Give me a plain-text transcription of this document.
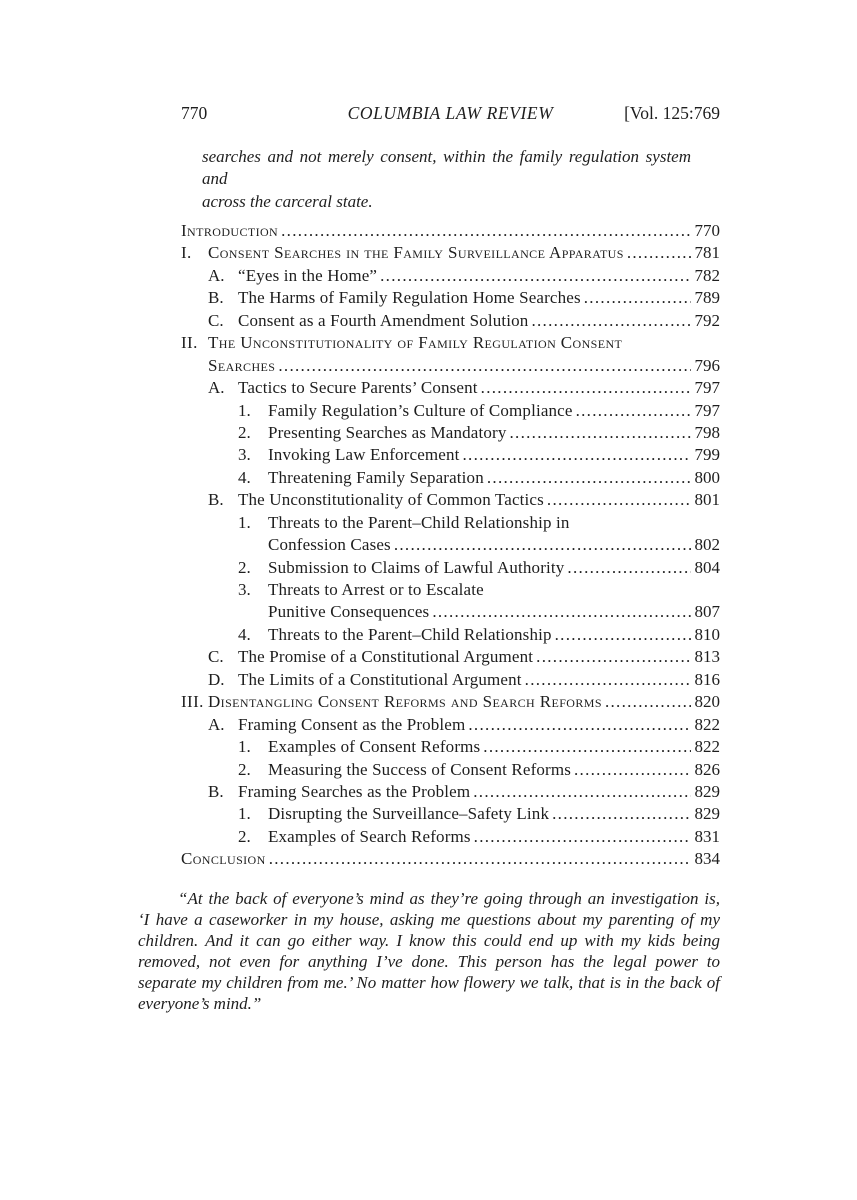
770	COLUMBIA LAW REVIEW	[Vol. 125:769
searches and not merely consent, within the family regulation system and
across the carceral state.
Introduction .....	770
I. Consent Searches in the Family Surveillance Apparatus .....	781
A. “Eyes in the Home” .....	782
B. The Harms of Family Regulation Home Searches .....	789
C. Consent as a Fourth Amendment Solution .....	792
II. The Unconstitutionality of Family Regulation Consent
Searches .....	796
A. Tactics to Secure Parents’ Consent .....	797
1.	Family Regulation’s Culture of Compliance .....	797
2.	Presenting Searches as Mandatory .....	798
3.	Invoking Law Enforcement .....	799
4.	Threatening Family Separation .....	800
B. The Unconstitutionality of Common Tactics .....	801
1.	Threats to the Parent–Child Relationship in
Confession Cases .....	802
2.	Submission to Claims of Lawful Authority .....	804
3.	Threats to Arrest or to Escalate
Punitive Consequences .....	807
4.	Threats to the Parent–Child Relationship .....	810
C. The Promise of a Constitutional Argument .....	813
D. The Limits of a Constitutional Argument .....	816
III. Disentangling Consent Reforms and Search Reforms .....	820
A. Framing Consent as the Problem .....	822
1.	Examples of Consent Reforms .....	822
2.	Measuring the Success of Consent Reforms .....	826
B. Framing Searches as the Problem .....	829
1.	Disrupting the Surveillance–Safety Link .....	829
2.	Examples of Search Reforms .....	831
Conclusion .....	834
“At the back of everyone’s mind as they’re going through an investigation is,
‘I have a caseworker in my house, asking me questions about my parenting of my
children. And it can go either way. I know this could end up with my kids being
removed, not even for anything I’ve done. This person has the legal power to
separate my children from me.’ No matter how flowery we talk, that is in the back of
everyone’s mind.”
